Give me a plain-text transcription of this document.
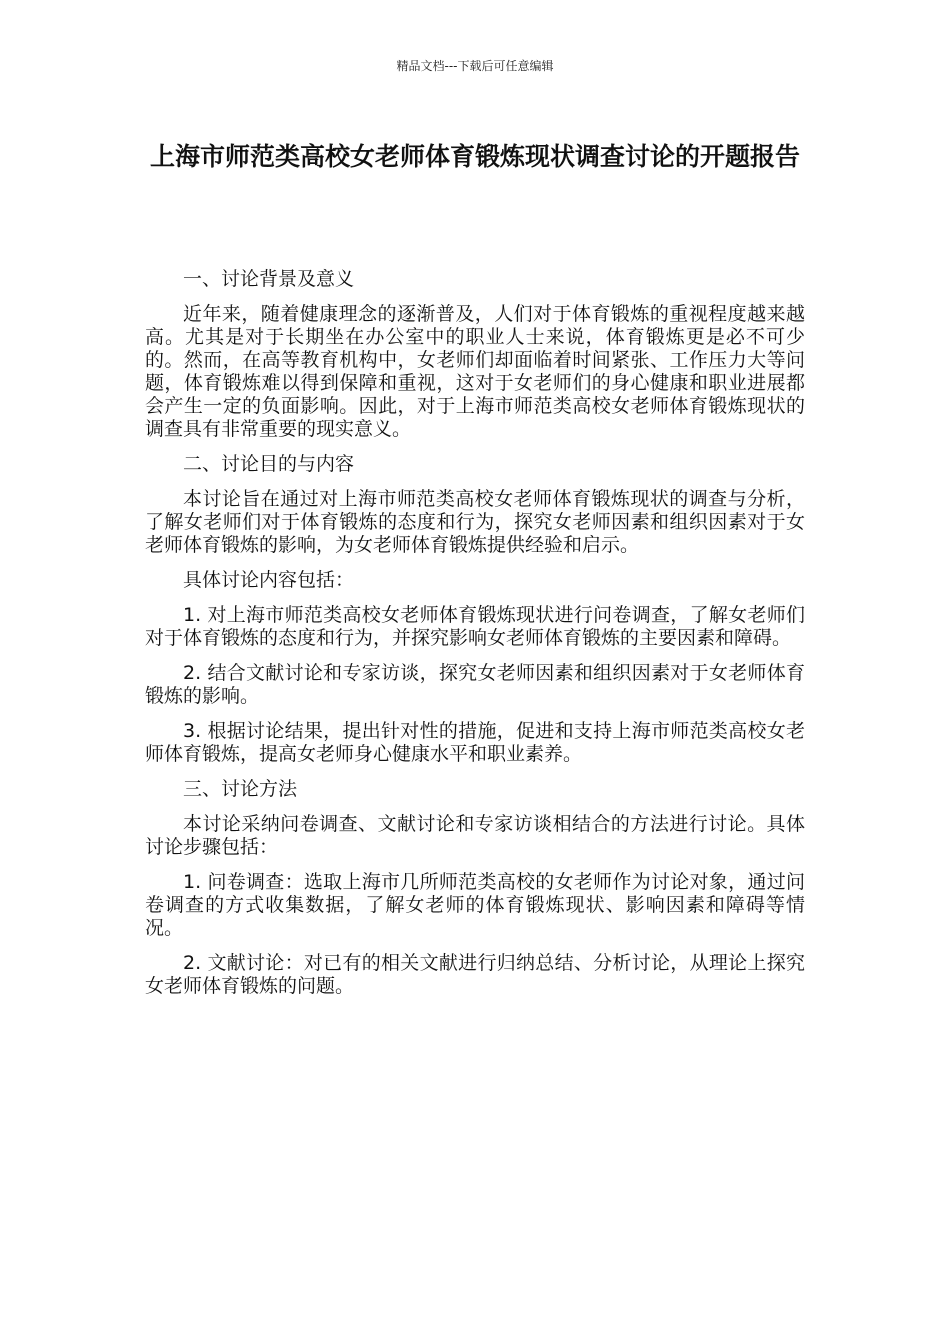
精品文档---下载后可任意编辑
上海市师范类高校女老师体育锻炼现状调查讨论的开题报告

一、讨论背景及意义

近年来，随着健康理念的逐渐普及，人们对于体育锻炼的重视程度越来越高。尤其是对于长期坐在办公室中的职业人士来说，体育锻炼更是必不可少的。然而，在高等教育机构中，女老师们却面临着时间紧张、工作压力大等问题，体育锻炼难以得到保障和重视，这对于女老师们的身心健康和职业进展都会产生一定的负面影响。因此，对于上海市师范类高校女老师体育锻炼现状的调查具有非常重要的现实意义。

二、讨论目的与内容

本讨论旨在通过对上海市师范类高校女老师体育锻炼现状的调查与分析，了解女老师们对于体育锻炼的态度和行为，探究女老师因素和组织因素对于女老师体育锻炼的影响，为女老师体育锻炼提供经验和启示。

具体讨论内容包括：

1. 对上海市师范类高校女老师体育锻炼现状进行问卷调查，了解女老师们对于体育锻炼的态度和行为，并探究影响女老师体育锻炼的主要因素和障碍。

2. 结合文献讨论和专家访谈，探究女老师因素和组织因素对于女老师体育锻炼的影响。

3. 根据讨论结果，提出针对性的措施，促进和支持上海市师范类高校女老师体育锻炼，提高女老师身心健康水平和职业素养。

三、讨论方法

本讨论采纳问卷调查、文献讨论和专家访谈相结合的方法进行讨论。具体讨论步骤包括：

1. 问卷调查：选取上海市几所师范类高校的女老师作为讨论对象，通过问卷调查的方式收集数据，了解女老师的体育锻炼现状、影响因素和障碍等情况。

2. 文献讨论：对已有的相关文献进行归纳总结、分析讨论，从理论上探究女老师体育锻炼的问题。
